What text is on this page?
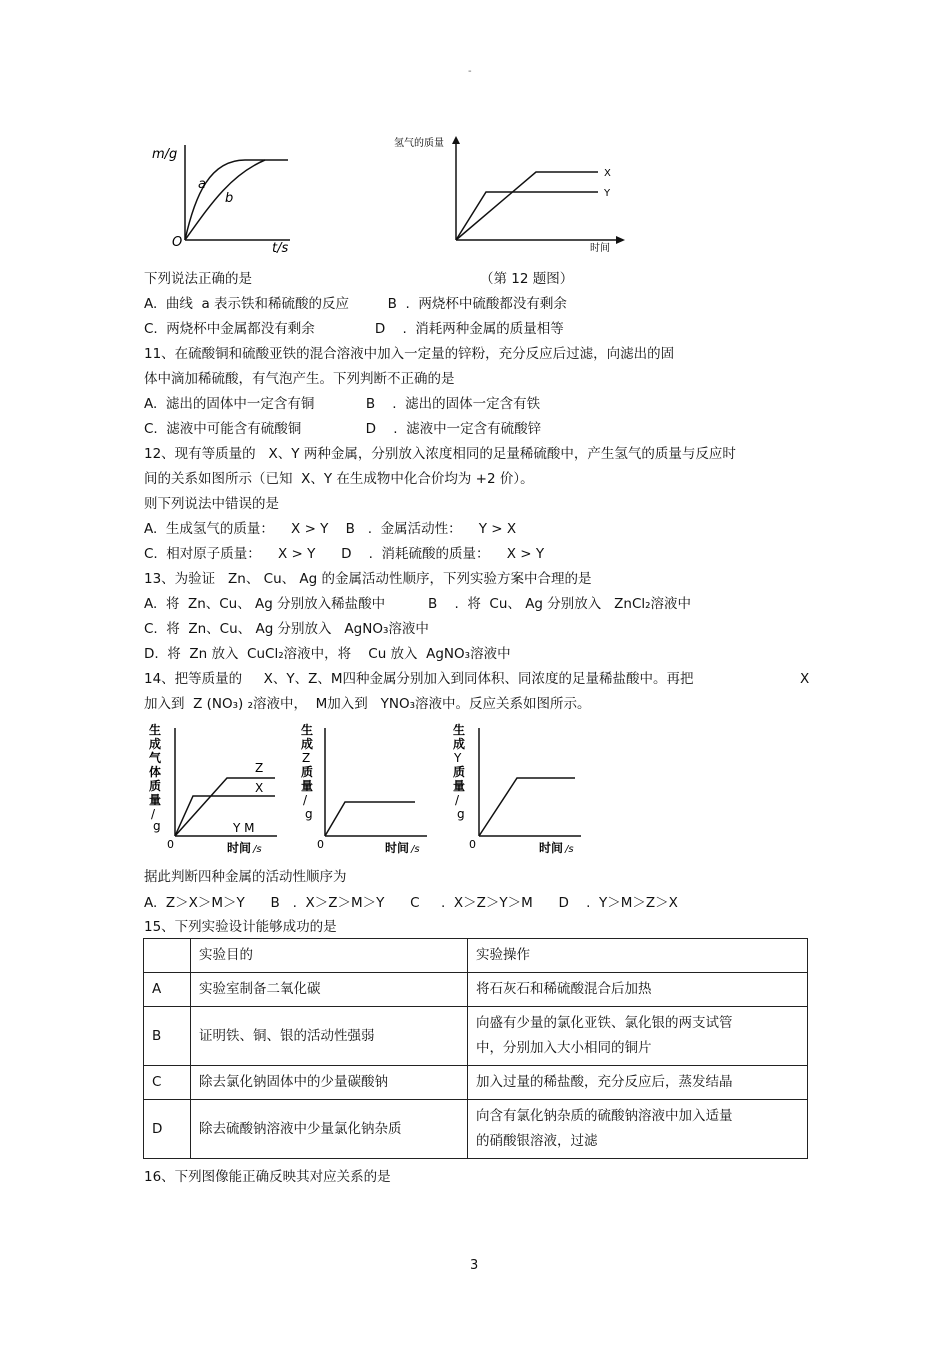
-
m/g
t/s
O
a
b
氢气的质量
时间
X
Y
下列说法正确的是	（第 12 题图）
A.  曲线  a 表示铁和稀硫酸的反应         B  .  两烧杯中硫酸都没有剩余
C.  两烧杯中金属都没有剩余              D    .  消耗两种金属的质量相等
11、在硫酸铜和硫酸亚铁的混合溶液中加入一定量的锌粉，充分反应后过滤，向滤出的固
体中滴加稀硫酸，有气泡产生。下列判断不正确的是
A.  滤出的固体中一定含有铜            B    .  滤出的固体一定含有铁
C.  滤液中可能含有硫酸铜               D    .  滤液中一定含有硫酸锌
12、现有等质量的   X、Y 两种金属，分别放入浓度相同的足量稀硫酸中，产生氢气的质量与反应时
间的关系如图所示（已知  X、Y 在生成物中化合价均为 +2 价）。
则下列说法中错误的是
A.  生成氢气的质量：    X > Y    B   .  金属活动性：    Y > X
C.  相对原子质量：    X > Y      D    .  消耗硫酸的质量：    X > Y
13、为验证   Zn、 Cu、 Ag 的金属活动性顺序，下列实验方案中合理的是
A.  将  Zn、Cu、 Ag 分别放入稀盐酸中          B    .  将  Cu、 Ag 分别放入   ZnCl₂溶液中
C.  将  Zn、Cu、 Ag 分别放入   AgNO₃溶液中
D.  将  Zn 放入  CuCl₂溶液中，将    Cu 放入  AgNO₃溶液中
14、把等质量的     X、Y、Z、M四种金属分别加入到同体积、同浓度的足量稀盐酸中。再把	X
加入到  Z (NO₃) ₂溶液中，  M加入到   YNO₃溶液中。反应关系如图所示。
生
成
气
体
质
量
/
g
0
Z
X
Y M
时间 /s
生
成
Z
质
量
/
g
0	时间 /s
生
成
Y
质
量
/
g
0	时间 /s
据此判断四种金属的活动性顺序为
A.  Z＞X＞M＞Y      B   .  X＞Z＞M＞Y      C     .  X＞Z＞Y＞M      D    .  Y＞M＞Z＞X
15、下列实验设计能够成功的是
	实验目的	实验操作
A	实验室制备二氧化碳	将石灰石和稀硫酸混合后加热
B	证明铁、铜、银的活动性强弱	向盛有少量的氯化亚铁、氯化银的两支试管
中，分别加入大小相同的铜片

C	除去氯化钠固体中的少量碳酸钠	加入过量的稀盐酸，充分反应后，蒸发结晶
D	除去硫酸钠溶液中少量氯化钠杂质	向含有氯化钠杂质的硫酸钠溶液中加入适量
的硝酸银溶液，过滤
16、下列图像能正确反映其对应关系的是
3
